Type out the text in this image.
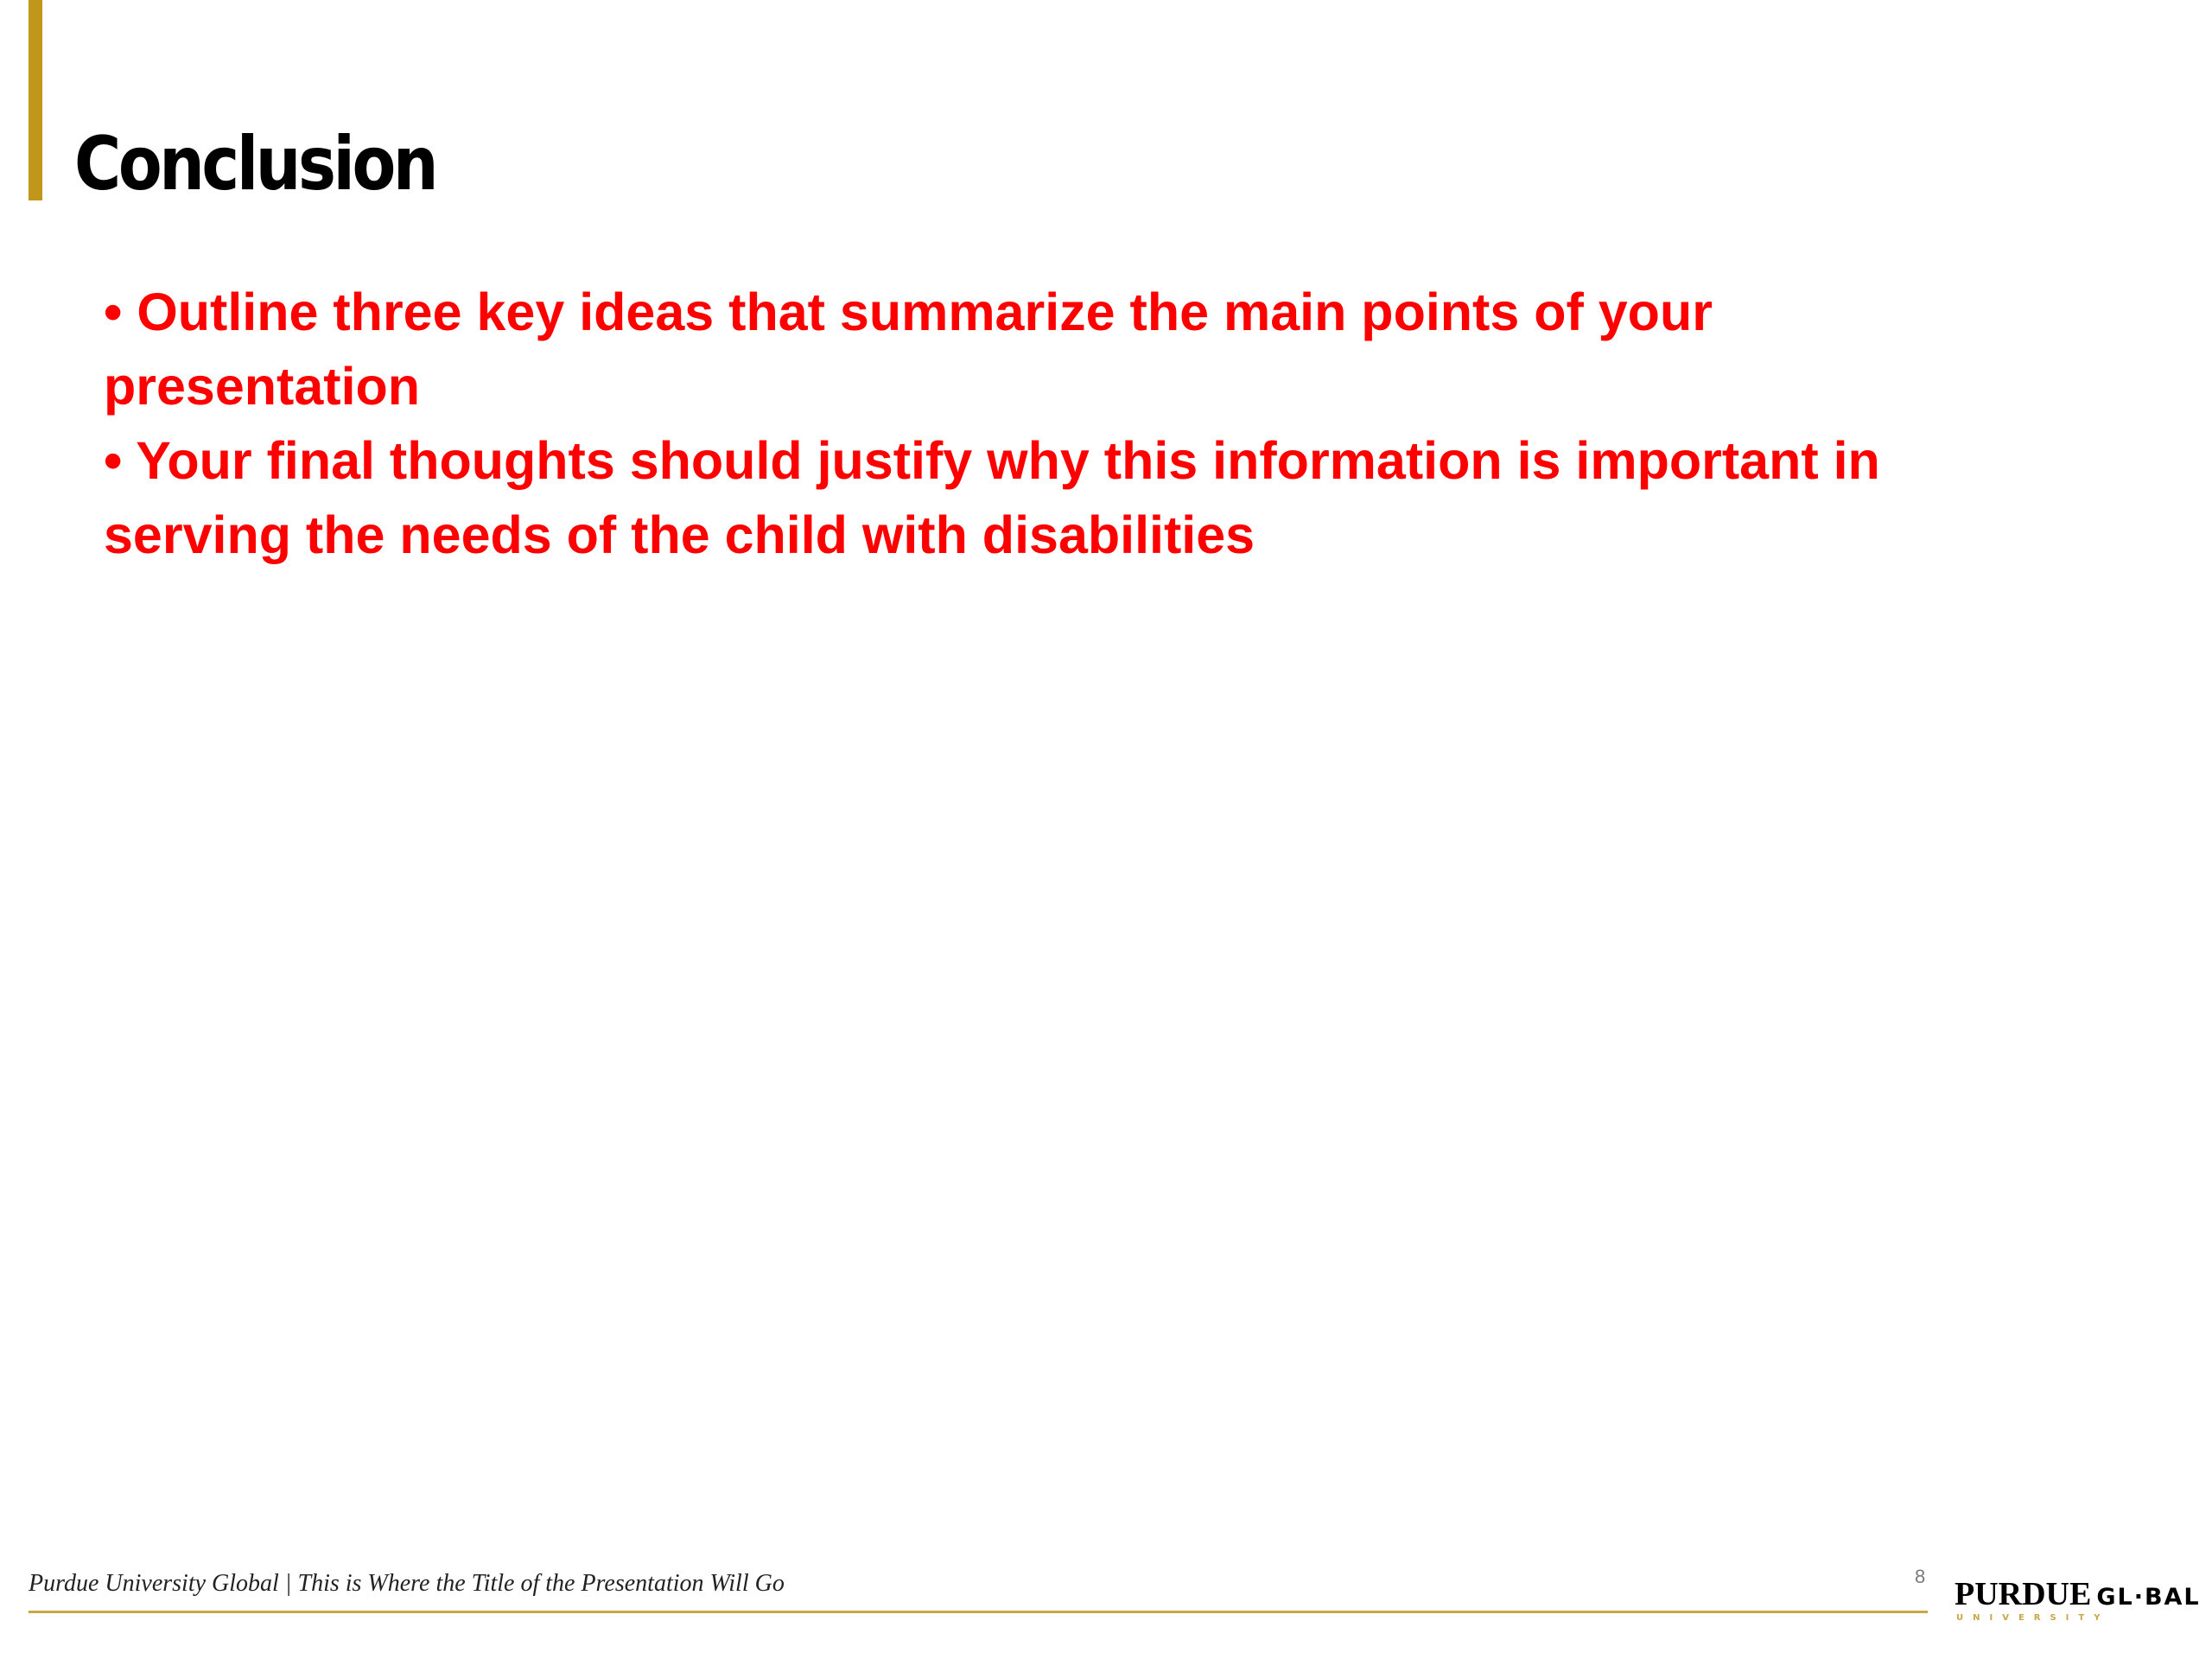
Conclusion
• Outline three key ideas that summarize the main points of your presentation
• Your final thoughts should justify why this information is important in serving the needs of the child with disabilities
Purdue University Global | This is Where the Title of the Presentation Will Go	8 PURDUE GL·BAL
UNIVERSITY
